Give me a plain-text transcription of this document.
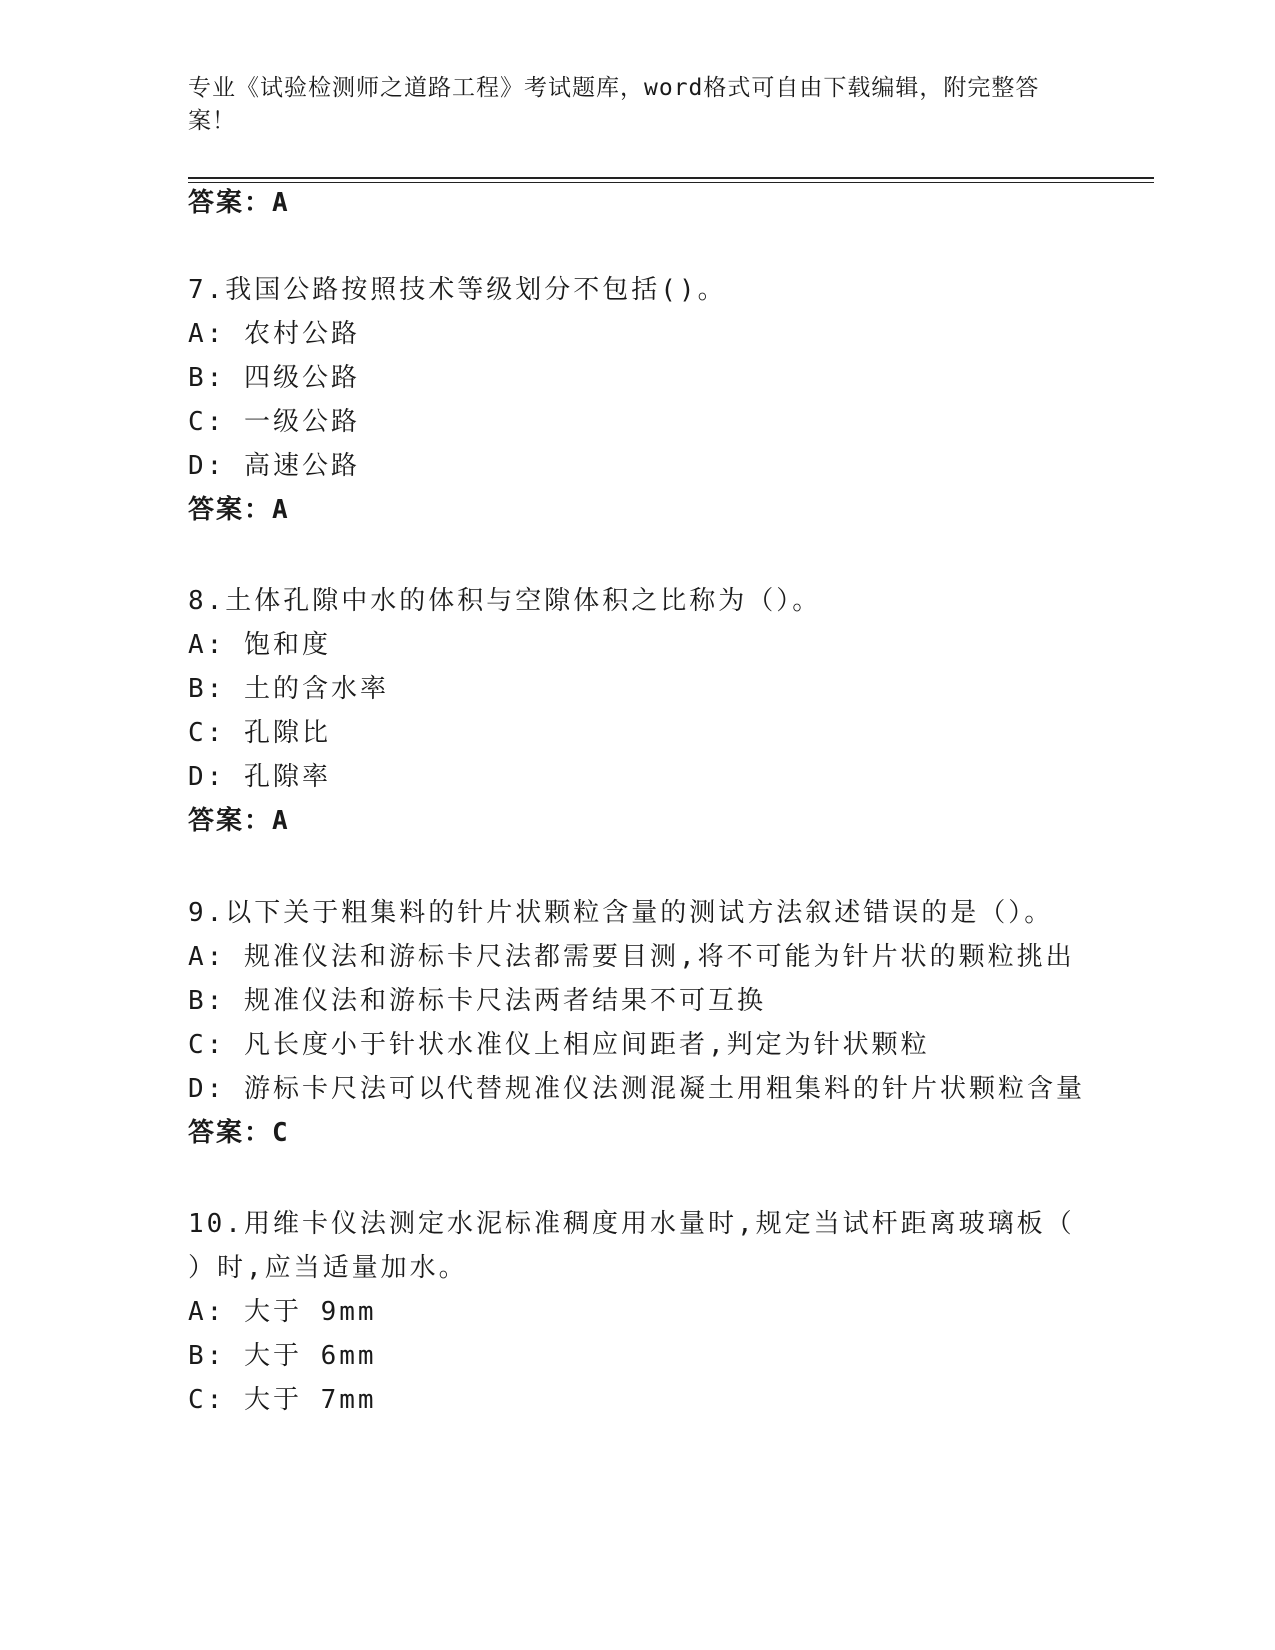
专业《试验检测师之道路工程》考试题库，word格式可自由下载编辑，附完整答案！
答案：A
7.我国公路按照技术等级划分不包括()。
A: 农村公路
B: 四级公路
C: 一级公路
D: 高速公路
答案：A
8.土体孔隙中水的体积与空隙体积之比称为（）。
A: 饱和度
B: 土的含水率
C: 孔隙比
D: 孔隙率
答案：A
9.以下关于粗集料的针片状颗粒含量的测试方法叙述错误的是（）。
A: 规准仪法和游标卡尺法都需要目测,将不可能为针片状的颗粒挑出
B: 规准仪法和游标卡尺法两者结果不可互换
C: 凡长度小于针状水准仪上相应间距者,判定为针状颗粒
D: 游标卡尺法可以代替规准仪法测混凝土用粗集料的针片状颗粒含量
答案：C
10.用维卡仪法测定水泥标准稠度用水量时,规定当试杆距离玻璃板（
）时,应当适量加水。
A: 大于 9mm
B: 大于 6mm
C: 大于 7mm
